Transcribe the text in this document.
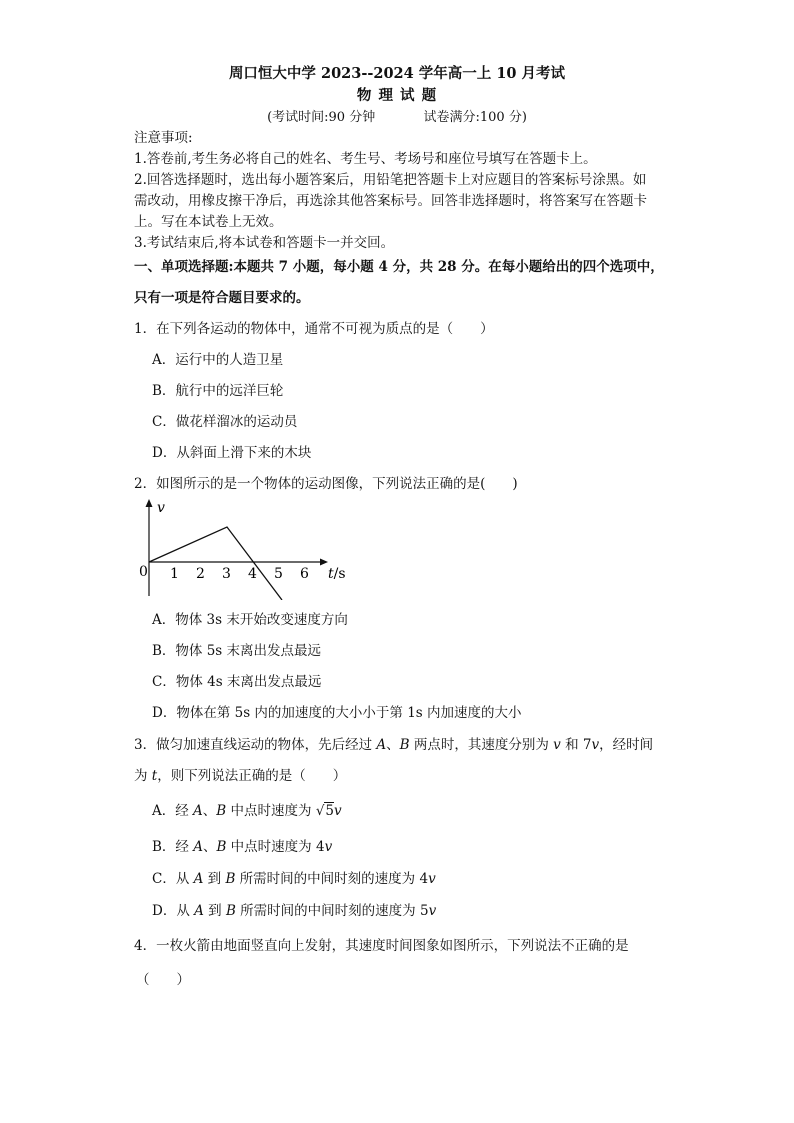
周口恒大中学 2023--2024 学年高一上 10 月考试
物 理 试 题
(考试时间:90 分钟	试卷满分:100 分)
注意事项:
1.答卷前,考生务必将自己的姓名、考生号、考场号和座位号填写在答题卡上。
2.回答选择题时，选出每小题答案后，用铅笔把答题卡上对应题目的答案标号涂黑。如
需改动，用橡皮擦干净后，再选涂其他答案标号。回答非选择题时，将答案写在答题卡
上。写在本试卷上无效。
3.考试结束后,将本试卷和答题卡一并交回。
一、单项选择题:本题共 7 小题，每小题 4 分，共 28 分。在每小题给出的四个选项中，
只有一项是符合题目要求的。
1．在下列各运动的物体中，通常不可视为质点的是（　　）
A．运行中的人造卫星
B．航行中的远洋巨轮
C．做花样溜冰的运动员
D．从斜面上滑下来的木块
2．如图所示的是一个物体的运动图像，下列说法正确的是(　　)
v
0 1 2 3 4 5 6 t/s
A．物体 3s 末开始改变速度方向
B．物体 5s 末离出发点最远
C．物体 4s 末离出发点最远
D．物体在第 5s 内的加速度的大小小于第 1s 内加速度的大小
3．做匀加速直线运动的物体，先后经过 A、B 两点时，其速度分别为 v 和 7v，经时间
为 t，则下列说法正确的是（　　）
A．经 A、B 中点时速度为 √5v
B．经 A、B 中点时速度为 4v
C．从 A 到 B 所需时间的中间时刻的速度为 4v
D．从 A 到 B 所需时间的中间时刻的速度为 5v
4．一枚火箭由地面竖直向上发射，其速度时间图象如图所示，下列说法不正确的是
（　　）
